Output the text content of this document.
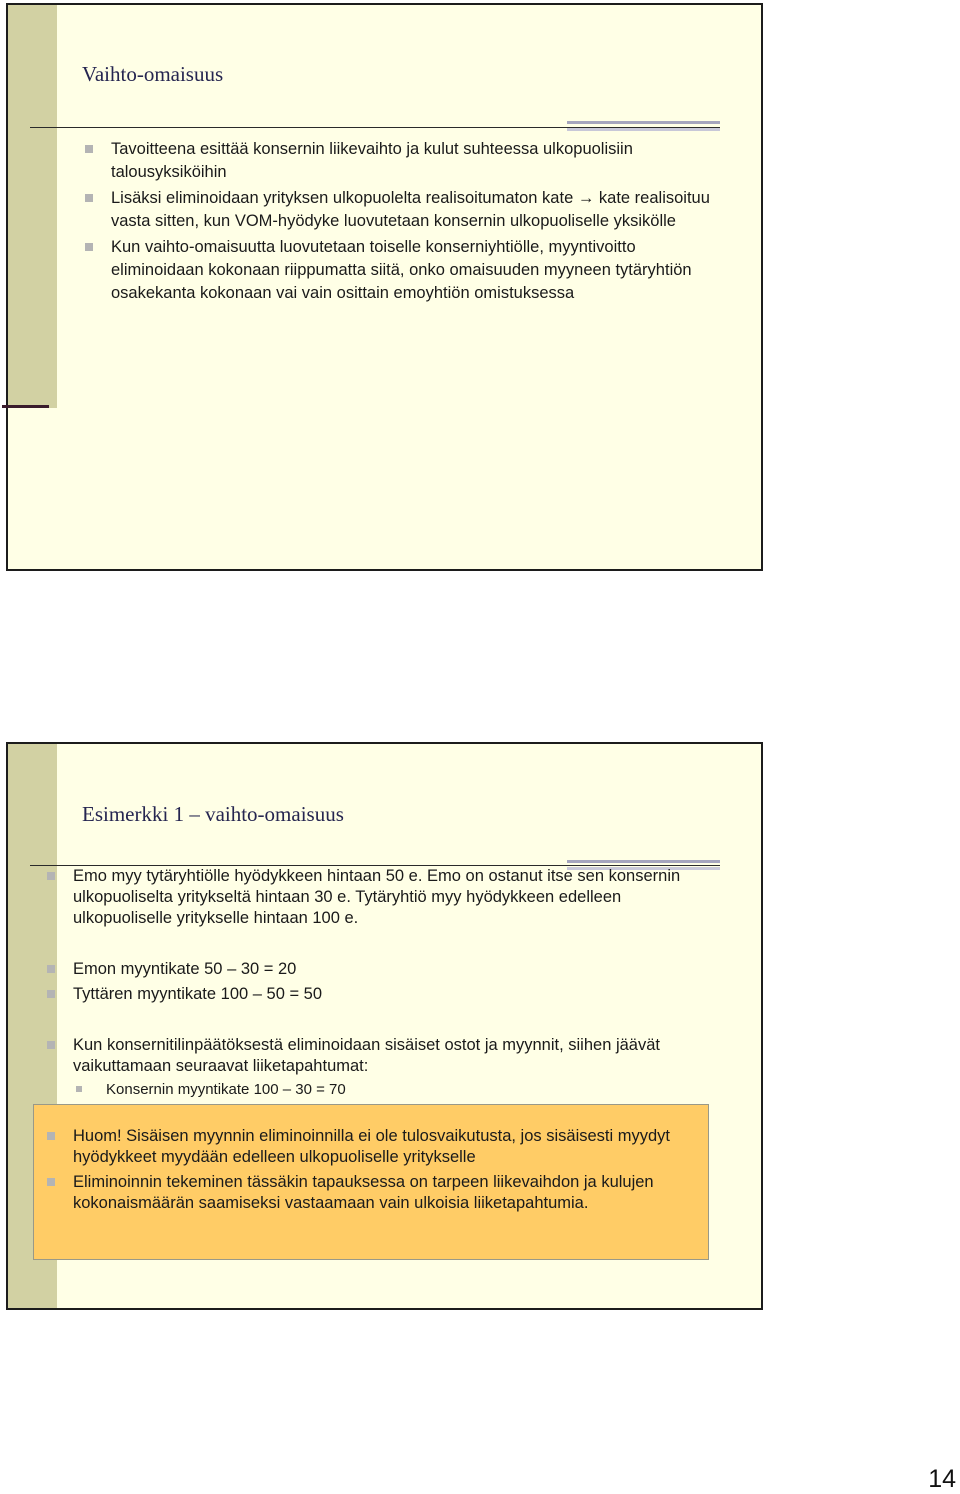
Vaihto-omaisuus
Tavoitteena esittää konsernin liikevaihto ja kulut suhteessa ulkopuolisiin talousyksiköihin
Lisäksi eliminoidaan yrityksen ulkopuolelta realisoitumaton kate → kate realisoituu vasta sitten, kun VOM-hyödyke luovutetaan konsernin ulkopuoliselle yksikölle
Kun vaihto-omaisuutta luovutetaan toiselle konserniyhtiölle, myyntivoitto eliminoidaan kokonaan riippumatta siitä, onko omaisuuden myyneen tytäryhtiön osakekanta kokonaan vai vain osittain emoyhtiön omistuksessa
Esimerkki 1 – vaihto-omaisuus
Emo myy tytäryhtiölle hyödykkeen hintaan 50 e. Emo on ostanut itse sen konsernin ulkopuoliselta yritykseltä hintaan 30 e. Tytäryhtiö myy hyödykkeen edelleen ulkopuoliselle yritykselle hintaan 100 e.
Emon myyntikate 50 – 30 = 20
Tyttären myyntikate 100 – 50 = 50
Kun konsernitilinpäätöksestä eliminoidaan sisäiset ostot ja myynnit, siihen jäävät vaikuttamaan seuraavat liiketapahtumat:
Konsernin myyntikate 100 – 30 = 70
Huom! Sisäisen myynnin eliminoinnilla ei ole tulosvaikutusta, jos sisäisesti myydyt hyödykkeet myydään edelleen ulkopuoliselle yritykselle
Eliminoinnin tekeminen tässäkin tapauksessa on tarpeen liikevaihdon ja kulujen kokonaismäärän saamiseksi vastaamaan vain ulkoisia liiketapahtumia.
14
